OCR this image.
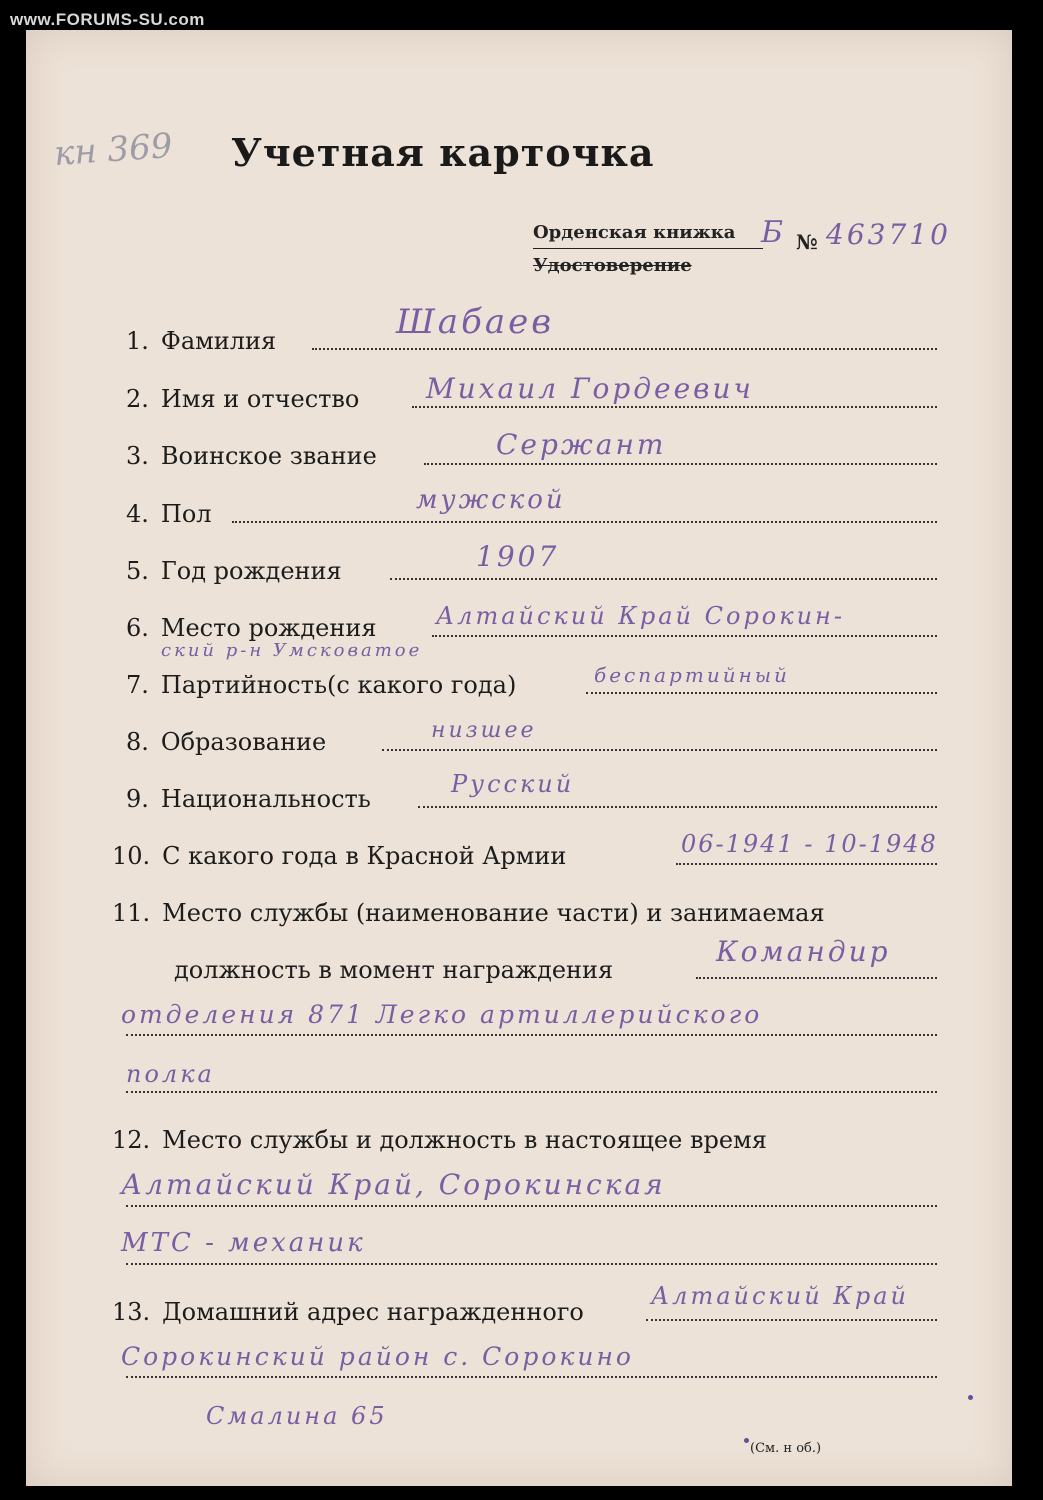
www.FORUMS-SU.com
кн 369 Учетная карточка
Орденская книжка
Удостоверение
Б № 463710
1. Фамилия	Шабаев
2. Имя и отчество Михаил Гордеевич
3. Воинское звание	Сержант
4. Пол	мужской
5. Год рождения	1907
6. Место рождения Алтайский Край Сорокин-
ский р-н Умсковатое
7. Партийность(с какого года)	беспартийный
8. Образование	низшее
9. Национальность
Русский
10. С какого года в Красной Армии	06-1941 - 10-1948
11. Место службы (наименование части) и занимаемая
должность в момент награждения
Командир
отделения 871 Легко артиллерийского
полка
12. Место службы и должность в настоящее время
Алтайский Край, Сорокинская
МТС - механик
13. Домашний адрес награжденного
Алтайский Край
Сорокинский район с. Сорокино
Смалина 65
(См. н об.)
